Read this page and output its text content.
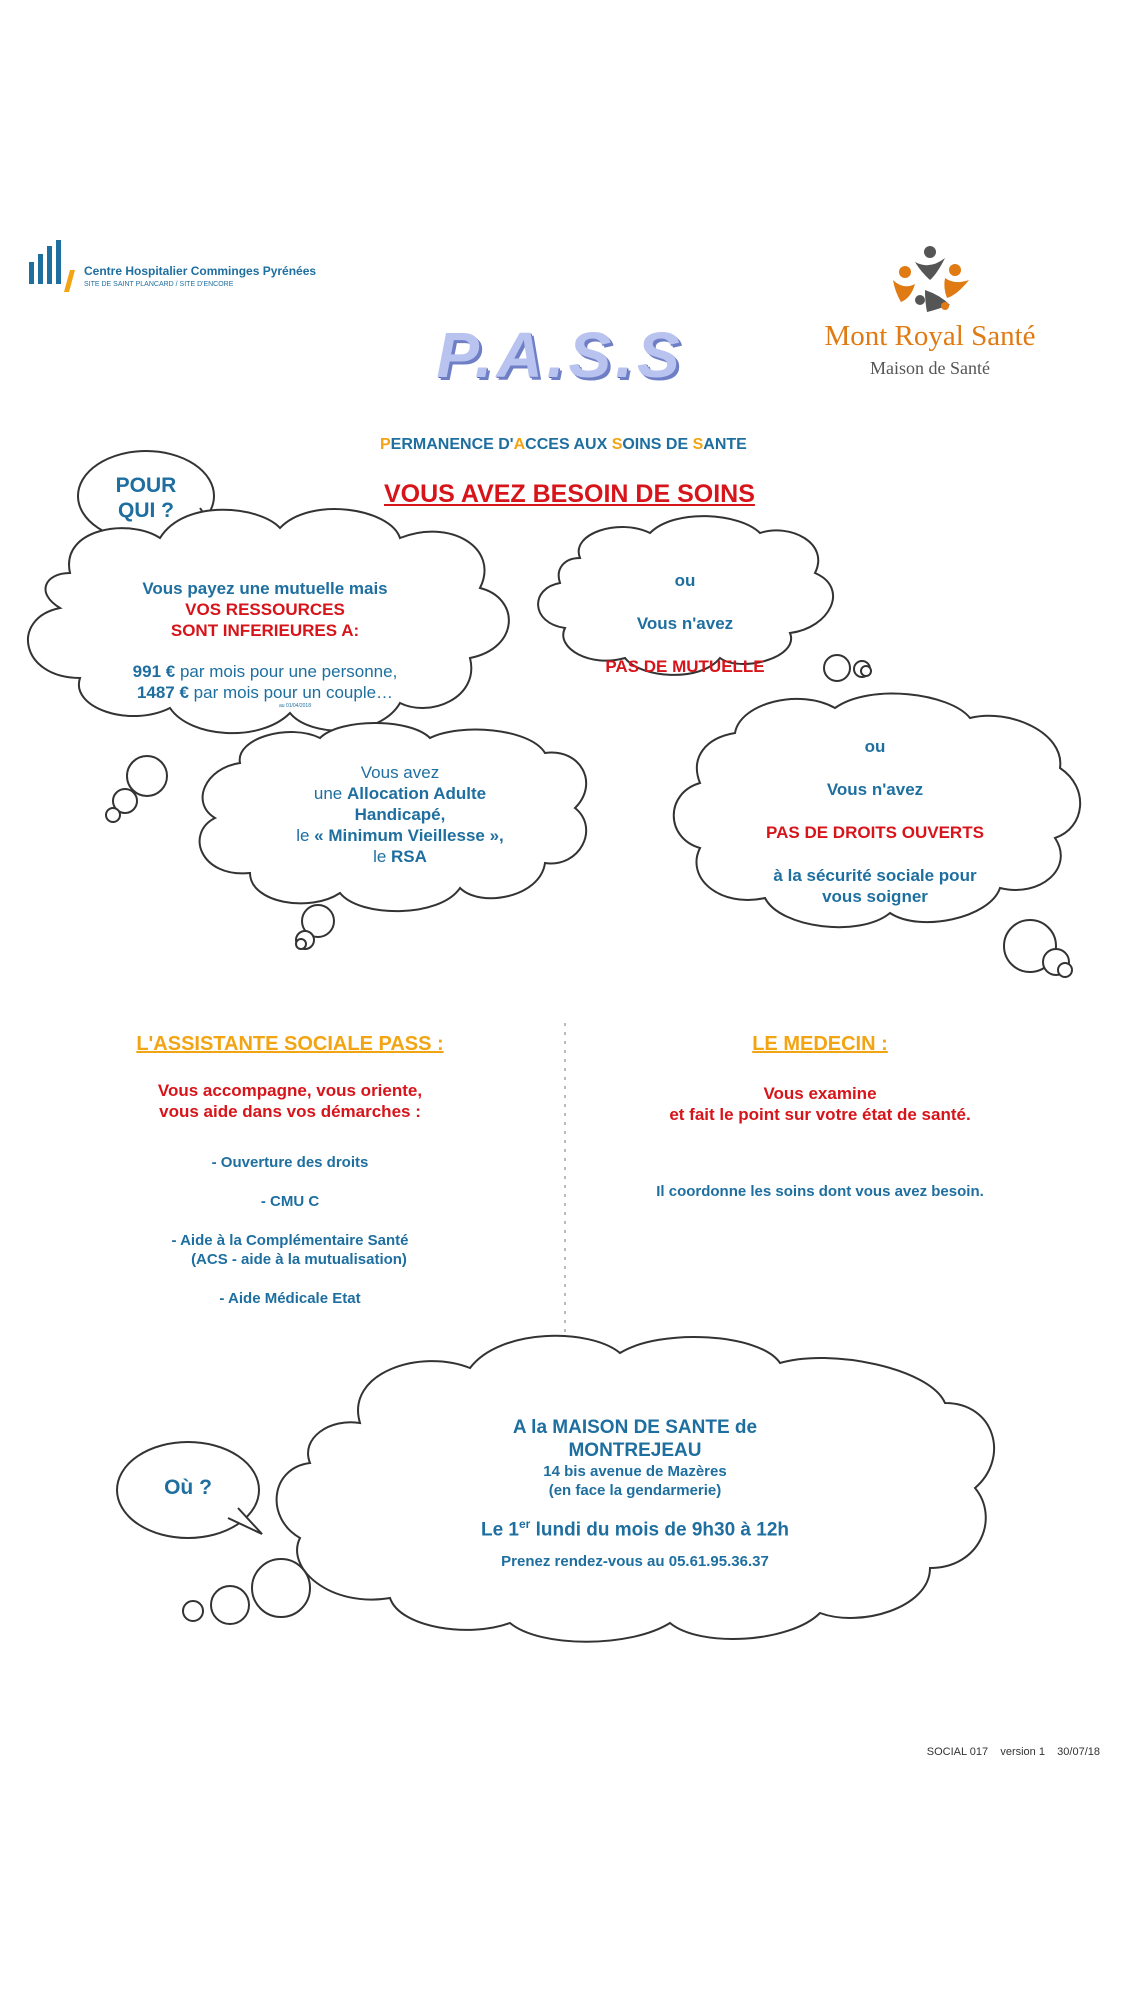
Centre Hospitalier Comminges Pyrénées
SITE DE SAINT PLANCARD / SITE D'ENCORE
P.A.S.S	Mont Royal Santé
Maison de Santé
PERMANENCE D'ACCES AUX SOINS DE SANTE
VOUS AVEZ BESOIN DE SOINS
POUR QUI ?
Vous payez une mutuelle mais
VOS RESSOURCES
SONT INFERIEURES A:
991 € par mois pour une personne,
1487 € par mois pour un couple…
au 01/04/2018
ou
Vous n'avez
PAS DE MUTUELLE
Vous avez
une Allocation Adulte
Handicapé,
le « Minimum Vieillesse »,
le RSA
ou
Vous n'avez
PAS DE DROITS OUVERTS
à la sécurité sociale pour
vous soigner
L'ASSISTANTE SOCIALE PASS :
Vous accompagne, vous oriente,
vous aide dans vos démarches :
- Ouverture des droits
- CMU C
- Aide à la Complémentaire Santé
(ACS - aide à la mutualisation)
- Aide Médicale Etat
LE MEDECIN :
Vous examine
et fait le point sur votre état de santé.
Il coordonne les soins dont vous avez besoin.
Où ?
A la MAISON DE SANTE de
MONTREJEAU
14 bis avenue de Mazères
(en face la gendarmerie)
Le 1er lundi du mois de 9h30 à 12h
Prenez rendez-vous au 05.61.95.36.37
SOCIAL 017    version 1    30/07/18
